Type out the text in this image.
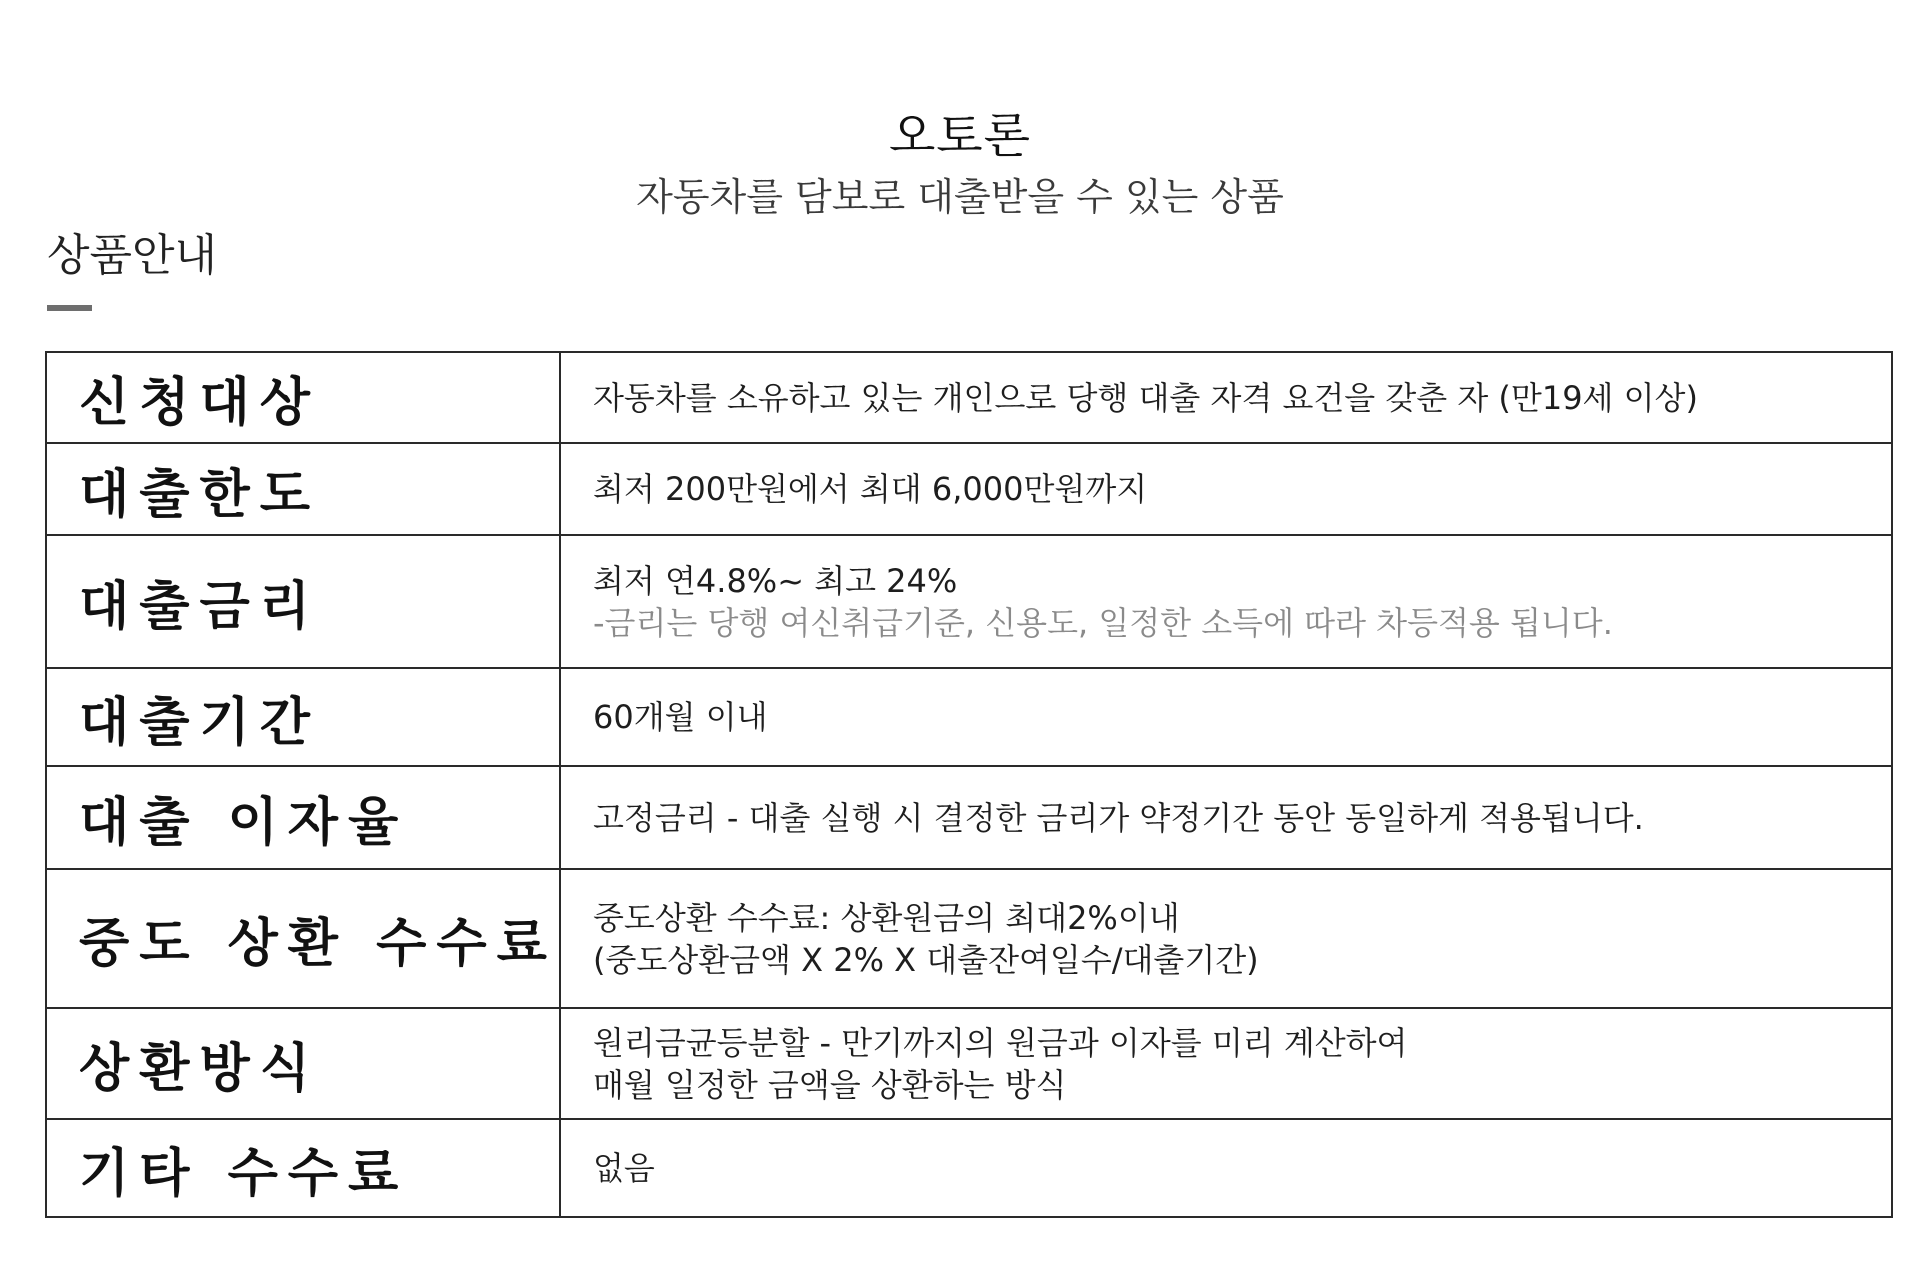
오토론
자동차를 담보로 대출받을 수 있는 상품
상품안내
신청대상	자동차를 소유하고 있는 개인으로 당행 대출 자격 요건을 갖춘 자 (만19세 이상)

대출한도	최저 200만원에서 최대 6,000만원까지

대출금리	최저 연4.8%~ 최고 24%
-금리는 당행 여신취급기준, 신용도, 일정한 소득에 따라 차등적용 됩니다.

대출기간	60개월 이내

대출 이자율	고정금리 - 대출 실행 시 결정한 금리가 약정기간 동안 동일하게 적용됩니다.

중도 상환 수수료	중도상환 수수료: 상환원금의 최대2%이내
(중도상환금액 X 2% X 대출잔여일수/대출기간)

상환방식	원리금균등분할 - 만기까지의 원금과 이자를 미리 계산하여
매월 일정한 금액을 상환하는 방식

기타 수수료	없음
